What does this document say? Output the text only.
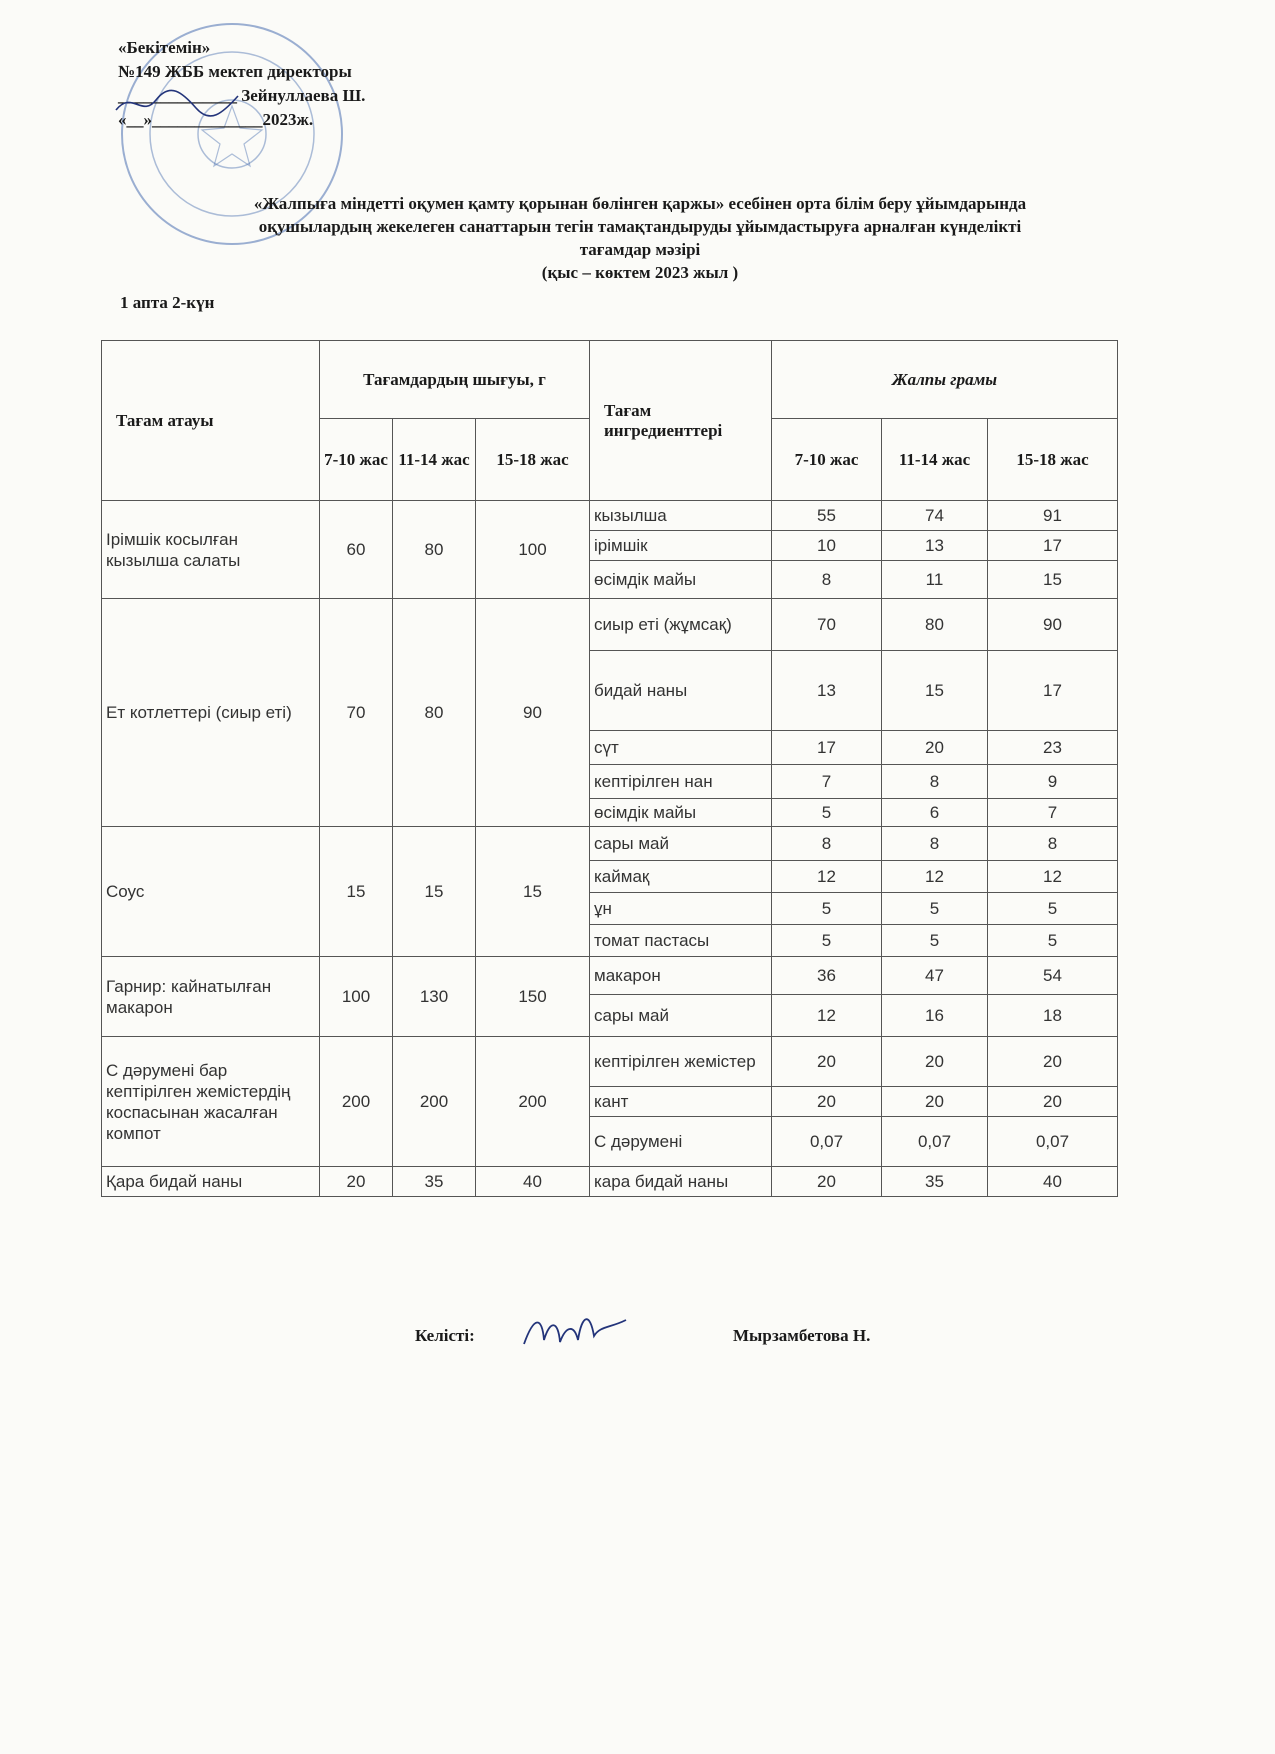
«Бекітемін»
№149 ЖББ мектеп директоры
______________ Зейнуллаева Ш.
«__»_____________2023ж.
«Жалпыға міндетті оқумен қамту қорынан бөлінген қаржы» есебінен орта білім беру ұйымдарында
оқушылардың жекелеген санаттарын тегін тамақтандыруды ұйымдастыруға арналған күнделікті
тағамдар мәзірі
(қыс – көктем 2023 жыл )
1 апта 2-күн
Тағам атауы	Тағамдардың шығуы, г			Тағам ингредиенттері	Жалпы грамы		
	7-10 жас	11-14 жас	15-18 жас		7-10 жас	11-14 жас	15-18 жас
Ірімшік косылған кызылша салаты	60	80	100	кызылша	55	74	91
				ірімшік	10	13	17
				өсімдік майы	8	11	15
Ет котлеттері (сиыр еті)	70	80	90	сиыр еті (жұмсақ)	70	80	90
				бидай наны	13	15	17
				сүт	17	20	23
				кептірілген нан	7	8	9
				өсімдік майы	5	6	7
Соус	15	15	15	сары май	8	8	8
				каймақ	12	12	12
				ұн	5	5	5
				томат пастасы	5	5	5
Гарнир: кайнатылған макарон	100	130	150	макарон	36	47	54
				сары май	12	16	18
С дәрумені бар кептірілген жемістердің коспасынан жасалған компот	200	200	200	кептірілген жемістер	20	20	20
				кант	20	20	20
				С дәрумені	0,07	0,07	0,07
Қара бидай наны	20	35	40	кара бидай наны	20	35	40
Келісті:	Мырзамбетова Н.
